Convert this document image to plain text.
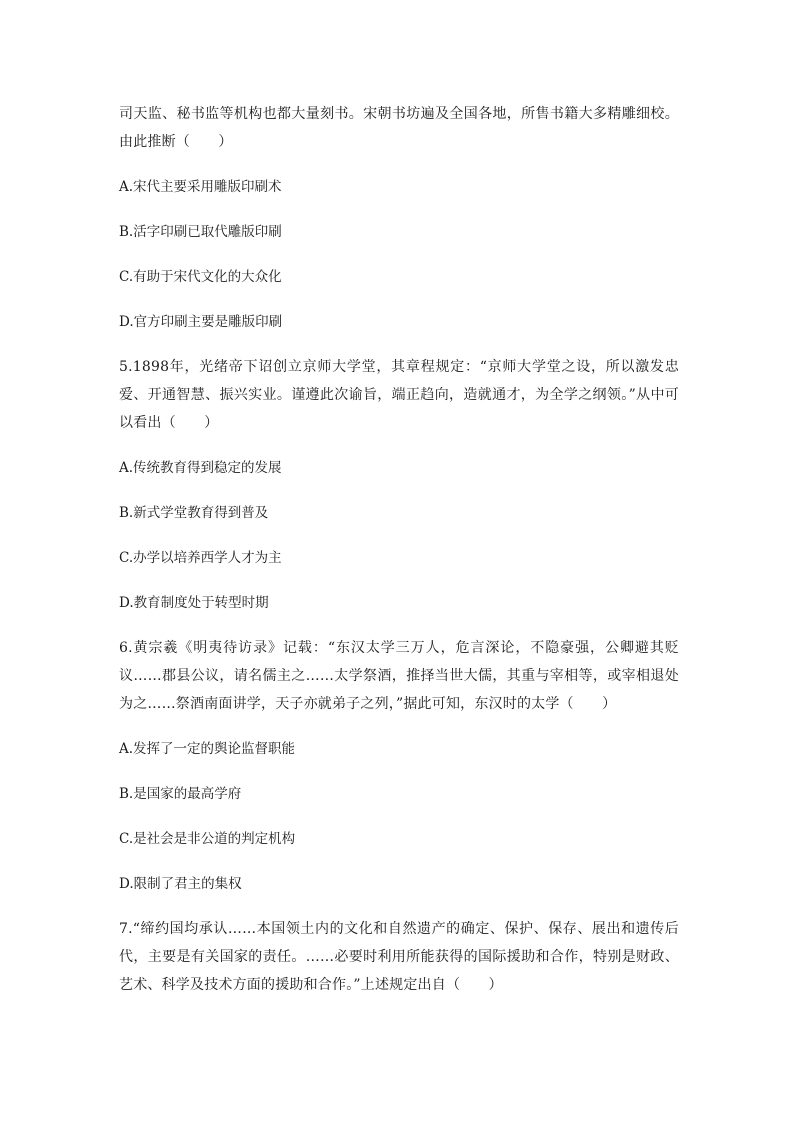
司天监、秘书监等机构也都大量刻书。宋朝书坊遍及全国各地，所售书籍大多精雕细校。由此推断（　　）

A.宋代主要采用雕版印刷术

B.活字印刷已取代雕版印刷

C.有助于宋代文化的大众化

D.官方印刷主要是雕版印刷

5.1898年，光绪帝下诏创立京师大学堂，其章程规定：“京师大学堂之设，所以激发忠爱、开通智慧、振兴实业。谨遵此次谕旨，端正趋向，造就通才，为全学之纲领。”从中可以看出（　　）

A.传统教育得到稳定的发展

B.新式学堂教育得到普及

C.办学以培养西学人才为主

D.教育制度处于转型时期

6.黄宗羲《明夷待访录》记载：“东汉太学三万人，危言深论，不隐豪强，公卿避其贬议……郡县公议，请名儒主之……太学祭酒，推择当世大儒，其重与宰相等，或宰相退处为之……祭酒南面讲学，天子亦就弟子之列，”据此可知，东汉时的太学（　　）

A.发挥了一定的舆论监督职能

B.是国家的最高学府

C.是社会是非公道的判定机构

D.限制了君主的集权

7.“缔约国均承认……本国领土内的文化和自然遗产的确定、保护、保存、展出和遗传后代，主要是有关国家的责任。……必要时利用所能获得的国际援助和合作，特别是财政、艺术、科学及技术方面的援助和合作。”上述规定出自（　　）
